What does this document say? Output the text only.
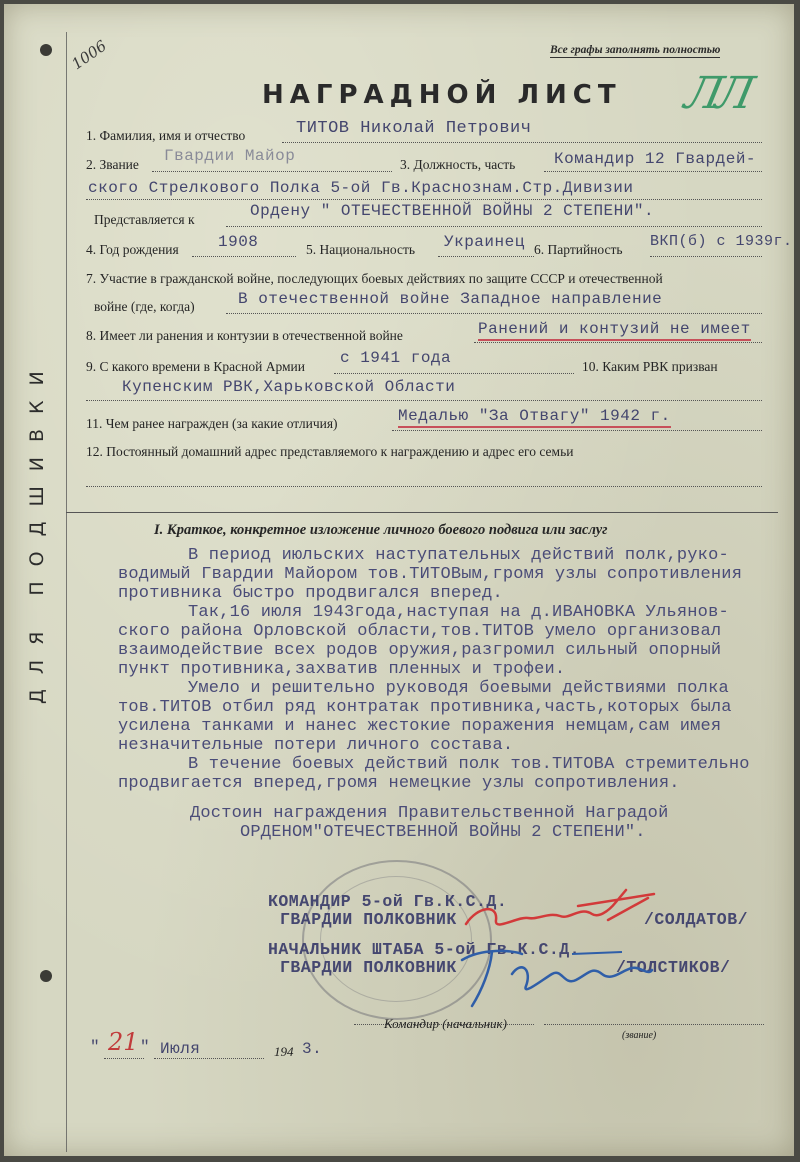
ДЛЯ ПОДШИВКИ
1006	Все графы заполнять полностью
ЛЛ
НАГРАДНОЙ ЛИСТ
1. Фамилия, имя и отчество	ТИТОВ Николай Петрович
2. Звание Гвардии Майор	3. Должность, часть Командир 12 Гвардей-
ского Стрелкового Полка 5-ой Гв.Краснознам.Стр.Дивизии
Представляется к	Ордену " ОТЕЧЕСТВЕННОЙ ВОЙНЫ 2 СТЕПЕНИ".
4. Год рождения 1908	5. Национальность Украинец 6. Партийность ВКП(б) с 1939г.
7. Участие в гражданской войне, последующих боевых действиях по защите СССР и отечественной
войне (где, когда)	В отечественной войне Западное направление
8. Имеет ли ранения и контузии в отечественной войне	Ранений и контузий не имеет
9. С какого времени в Красной Армии с 1941 года	10. Каким РВК призван
Купенским РВК,Харьковской Области
11. Чем ранее награжден (за какие отличия)	Медалью "За Отвагу" 1942 г.
12. Постоянный домашний адрес представляемого к награждению и адрес его семьи
I. Краткое, конкретное изложение личного боевого подвига или заслуг
В период июльских наступательных действий полк,руко-
водимый Гвардии Майором тов.ТИТОВым,громя узлы сопротивления
противника быстро продвигался вперед.
Так,16 июля 1943года,наступая на д.ИВАНОВКА Ульянов-
ского района Орловской области,тов.ТИТОВ умело организовал
взаимодействие всех родов оружия,разгромил сильный опорный
пункт противника,захватив пленных и трофеи.
Умело и решительно руководя боевыми действиями полка
тов.ТИТОВ отбил ряд контратак противника,часть,которых была
усилена танками и нанес жестокие поражения немцам,сам имея
незначительные потери личного состава.
В течение боевых действий полк тов.ТИТОВА стремительно
продвигается вперед,громя немецкие узлы сопротивления.
Достоин награждения Правительственной Наградой
ОРДЕНОМ"ОТЕЧЕСТВЕННОЙ ВОЙНЫ 2 СТЕПЕНИ".
КОМАНДИР 5-ой Гв.К.С.Д.
ГВАРДИИ ПОЛКОВНИК	/СОЛДАТОВ/
НАЧАЛЬНИК ШТАБА 5-ой Гв.К.С.Д.
ГВАРДИИ ПОЛКОВНИК	/ТОЛСТИКОВ/
Командир (начальник)
(звание)
" 21 " Июля	194 3.
